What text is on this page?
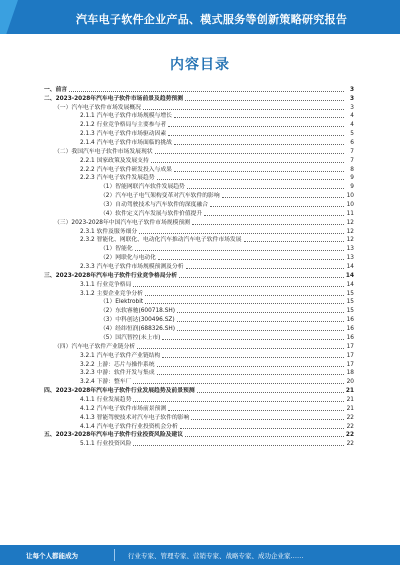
汽车电子软件企业产品、模式服务等创新策略研究报告
内容目录
一、前言	3
二、2023-2028年汽车电子软件市场前景及趋势预测	3
（一）汽车电子软件市场发展概况	3
2.1.1 汽车电子软件市场规模与增长	4
2.1.2 行业竞争格局与主要参与者	4
2.1.3 汽车电子软件市场驱动因素	5
2.1.4 汽车电子软件市场面临的挑战	6
（二）我国汽车电子软件市场发展现状	7
2.2.1 国家政策及发展支持	7
2.2.2 汽车电子软件研发投入与成果	8
2.2.3 汽车电子软件发展趋势	9
（1）智能网联汽车软件发展趋势	9
（2）汽车电子电气架构变革对汽车软件的影响	10
（3）自动驾驶技术与汽车软件的深度融合	10
（4）软件定义汽车发展与软件价值提升	11
（三）2023-2028年中国汽车电子软件市场规模预测	12
2.3.1 软件及服务细分	12
2.3.2 智能化、网联化、电动化汽车推动汽车电子软件市场发展	12
（1）智能化	13
（2）网联化与电动化	13
2.3.3 汽车电子软件市场规模预测及分析	14
三、2023-2028年汽车电子软件行业竞争格局分析	14
3.1.1 行业竞争格局	14
3.1.2 主要企业竞争分析	15
（1）Elektrobit	15
（2）东软睿驰(600718.SH)	15
（3）中科创达(300496.SZ)	16
（4）经纬恒润(688326.SH)	16
（5）国汽智控(未上市)	16
（四）汽车电子软件产业链分析	17
3.2.1 汽车电子软件产业链结构	17
3.2.2 上游：芯片与操作系统	17
3.2.3 中游：软件开发与集成	18
3.2.4 下游：整车厂	20
四、2023-2028年汽车电子软件行业发展趋势及前景预测	21
4.1.1 行业发展趋势	21
4.1.2 汽车电子软件市场前景预测	21
4.1.3 智能驾驶技术对汽车电子软件的影响	22
4.1.4 汽车电子软件行业投资机会分析	22
五、2023-2028年汽车电子软件行业投资风险及建议	22
5.1.1 行业投资风险	22
让每个人都能成为	行业专家、管理专家、营销专家、战略专家、成功企业家……
